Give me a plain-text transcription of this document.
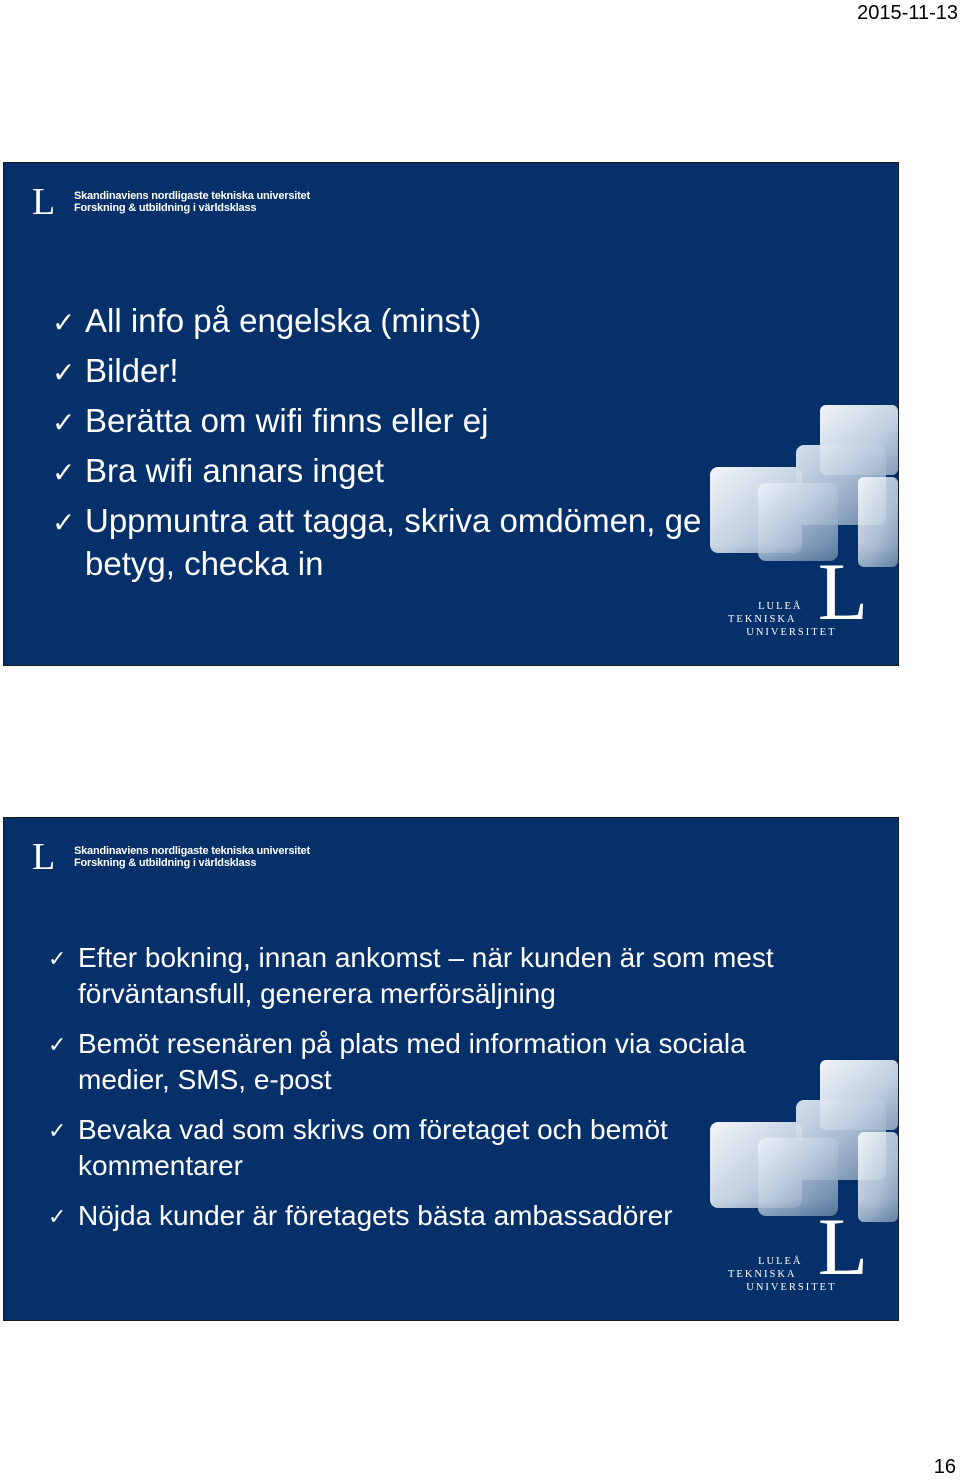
2015-11-13
L	Skandinaviens nordligaste tekniska universitet
Forskning & utbildning i världsklass
✓ All info på engelska (minst)
✓ Bilder!
✓ Berätta om wifi finns eller ej
✓ Bra wifi annars inget
✓ Uppmuntra att tagga, skriva omdömen, ge betyg, checka in	L
LULEÅ
TEKNISKA
UNIVERSITET
L	Skandinaviens nordligaste tekniska universitet
Forskning & utbildning i världsklass
✓ Efter bokning, innan ankomst – när kunden är som mest förväntansfull, generera merförsäljning
✓ Bemöt resenären på plats med information via sociala medier, SMS, e-post
✓ Bevaka vad som skrivs om företaget och bemöt kommentarer
✓ Nöjda kunder är företagets bästa ambassadörer	L
LULEÅ
TEKNISKA
UNIVERSITET
16
